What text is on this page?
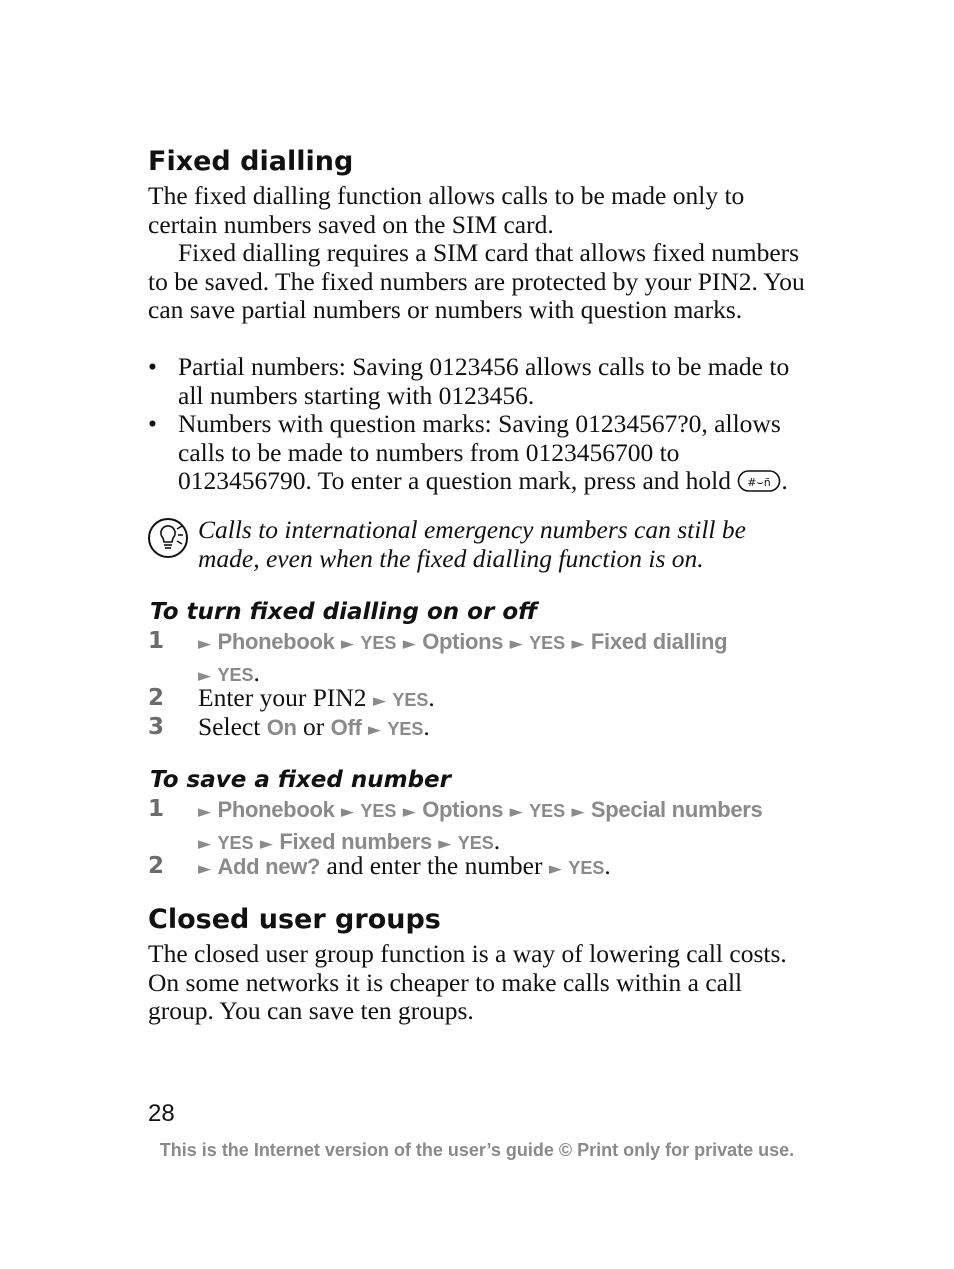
Fixed dialling
The fixed dialling function allows calls to be made only to certain numbers saved on the SIM card.
Fixed dialling requires a SIM card that allows fixed numbers to be saved. The fixed numbers are protected by your PIN2. You can save partial numbers or numbers with question marks.
• Partial numbers: Saving 0123456 allows calls to be made to all numbers starting with 0123456.
• Numbers with question marks: Saving 01234567?0, allows calls to be made to numbers from 0123456700 to 0123456790. To enter a question mark, press and hold #⌣ñ .
Calls to international emergency numbers can still be made, even when the fixed dialling function is on.
To turn fixed dialling on or off
1 ► Phonebook ► YES ► Options ► YES ► Fixed dialling
► YES.
2 Enter your PIN2 ► YES.
3 Select On or Off ► YES.
To save a fixed number
1 ► Phonebook ► YES ► Options ► YES ► Special numbers
► YES ► Fixed numbers ► YES.
2 ► Add new? and enter the number ► YES.
Closed user groups
The closed user group function is a way of lowering call costs. On some networks it is cheaper to make calls within a call group. You can save ten groups.
28
This is the Internet version of the user’s guide © Print only for private use.
